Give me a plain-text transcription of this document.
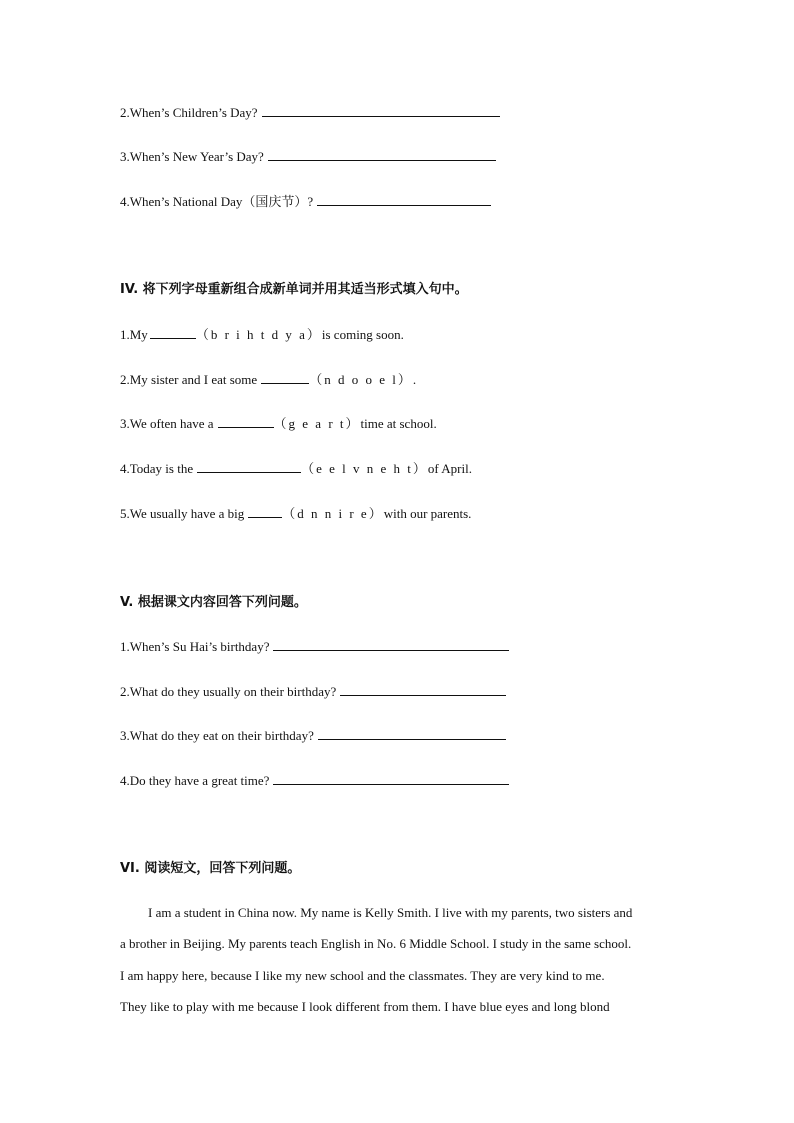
2.When’s Children’s Day?
3.When’s New Year’s Day?
4.When’s National Day（国庆节）?
IV. 将下列字母重新组合成新单词并用其适当形式填入句中。
1.My	（b r i h t d y a）is coming soon.
2.My sister and I eat some	（n d o o e l）.
3.We often have a	（g e a r t）time at school.
4.Today is the	（e e l v n e h t）of April.
5.We usually have a big	（d n n i r e）with our parents.
V. 根据课文内容回答下列问题。
1.When’s Su Hai’s birthday?
2.What do they usually on their birthday?
3.What do they eat on their birthday?
4.Do they have a great time?
VI. 阅读短文，回答下列问题。
I am a student in China now. My name is Kelly Smith. I live with my parents, two sisters and
a brother in Beijing. My parents teach English in No. 6 Middle School. I study in the same school.
I am happy here, because I like my new school and the classmates. They are very kind to me.
They like to play with me because I look different from them. I have blue eyes and long blond
